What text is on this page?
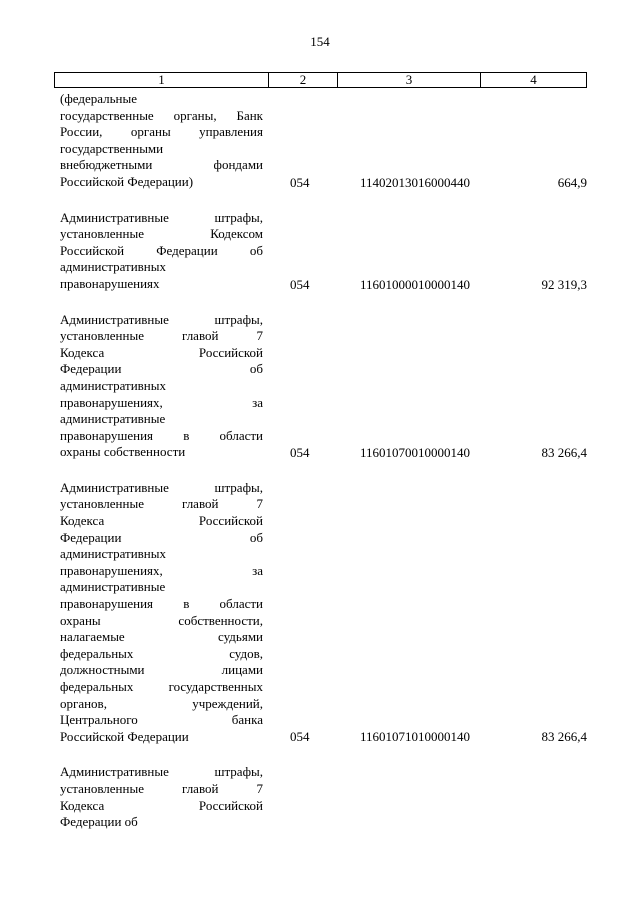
154
1	2	3	4
(федеральные
государственные органы, Банк
России, органы управления
государственными
внебюджетными фондами
Российской Федерации)	054	11402013016000440	664,9
Административные штрафы,
установленные Кодексом
Российской Федерации об
административных
правонарушениях	054	11601000010000140	92 319,3
Административные штрафы,
установленные главой 7
Кодекса Российской
Федерации об
административных
правонарушениях, за
административные
правонарушения в области
охраны собственности	054	11601070010000140	83 266,4
Административные штрафы,
установленные главой 7
Кодекса Российской
Федерации об
административных
правонарушениях, за
административные
правонарушения в области
охраны собственности,
налагаемые судьями
федеральных судов,
должностными лицами
федеральных государственных
органов, учреждений,
Центрального банка
Российской Федерации	054	11601071010000140	83 266,4
Административные штрафы,
установленные главой 7
Кодекса Российской
Федерации об
